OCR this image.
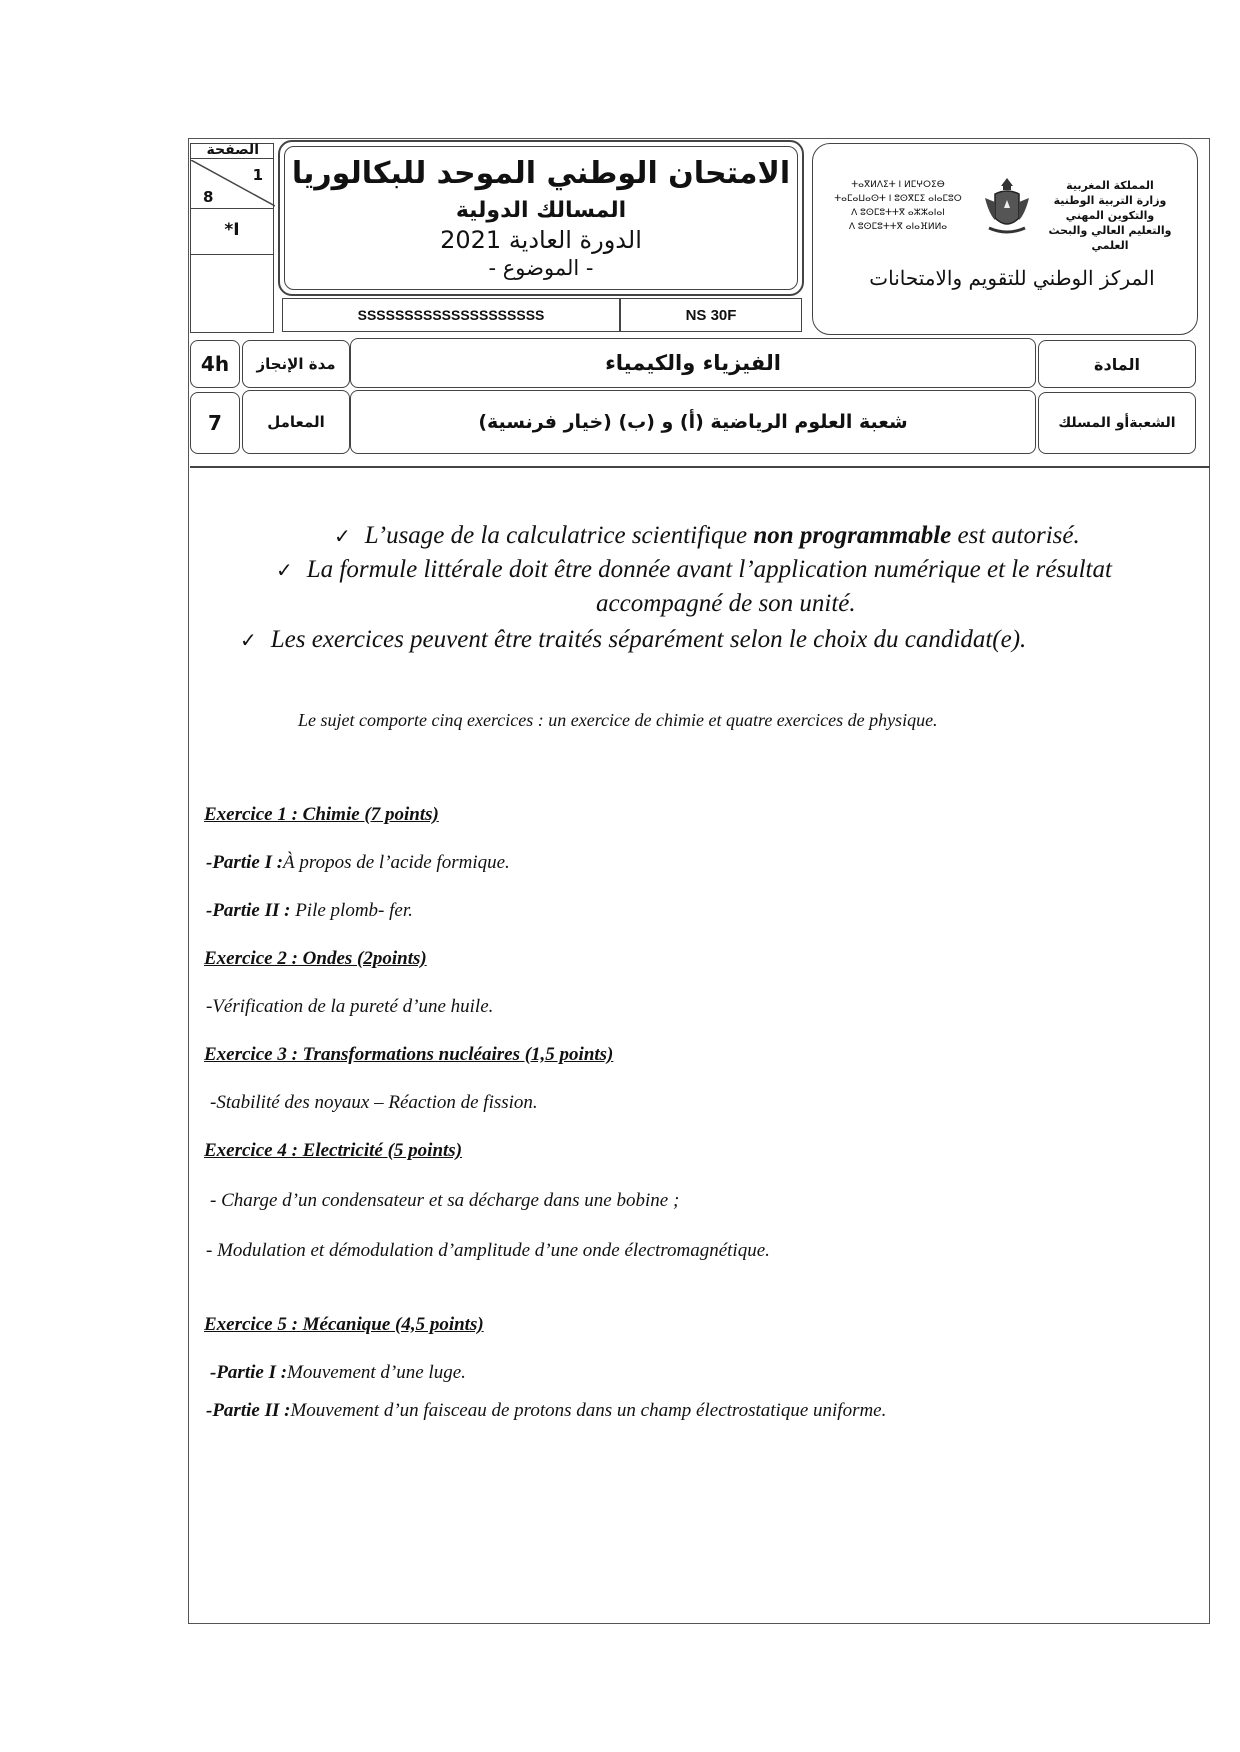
الصفحة
1
8
*I
الامتحان الوطني الموحد للبكالوريا
المسالك الدولية
الدورة العادية 2021
- الموضوع -
SSSSSSSSSSSSSSSSSSSS	NS 30F
ⵜⴰⴳⵍⴷⵉⵜ ⵏ ⵍⵎⵖⵔⵉⴱ
ⵜⴰⵎⴰⵡⴰⵙⵜ ⵏ ⵓⵙⴳⵎⵉ ⴰⵏⴰⵎⵓⵔ
ⴷ ⵓⵙⵎⵓⵜⵜⴳ ⴰⵣⵣⴰⵏⴰⵏ
ⴷ ⵓⵙⵎⵓⵜⵜⴳ ⴰⵏⴰⴼⵍⵍⴰ
المملكة المغربية
وزارة التربية الوطنية
والتكوين المهني
والتعليم العالي والبحث العلمي
المركز الوطني للتقويم والامتحانات
4h مدة الإنجاز	الفيزياء والكيمياء	المادة
7	المعامل	شعبة العلوم الرياضية (أ) و (ب) (خيار فرنسية)	الشعبةأو المسلك
✓ L’usage de la calculatrice scientifique non programmable est autorisé.
✓ La formule littérale doit être donnée avant l’application numérique et le résultat
accompagné de son unité.
✓ Les exercices peuvent être traités séparément selon le choix du candidat(e).
Le sujet comporte cinq exercices : un exercice de chimie et quatre exercices de physique.
Exercice 1 : Chimie (7 points)
-Partie I :À propos de l’acide formique.
-Partie II : Pile plomb- fer.
Exercice 2 : Ondes (2points)
-Vérification de la pureté d’une huile.
Exercice 3 : Transformations nucléaires (1,5 points)
-Stabilité des noyaux – Réaction de fission.
Exercice 4 : Electricité (5 points)
- Charge d’un condensateur et sa décharge dans une bobine ;
- Modulation et démodulation d’amplitude d’une onde électromagnétique.
Exercice 5 : Mécanique (4,5 points)
-Partie I :Mouvement d’une luge.
-Partie II :Mouvement d’un faisceau de protons dans un champ électrostatique uniforme.
